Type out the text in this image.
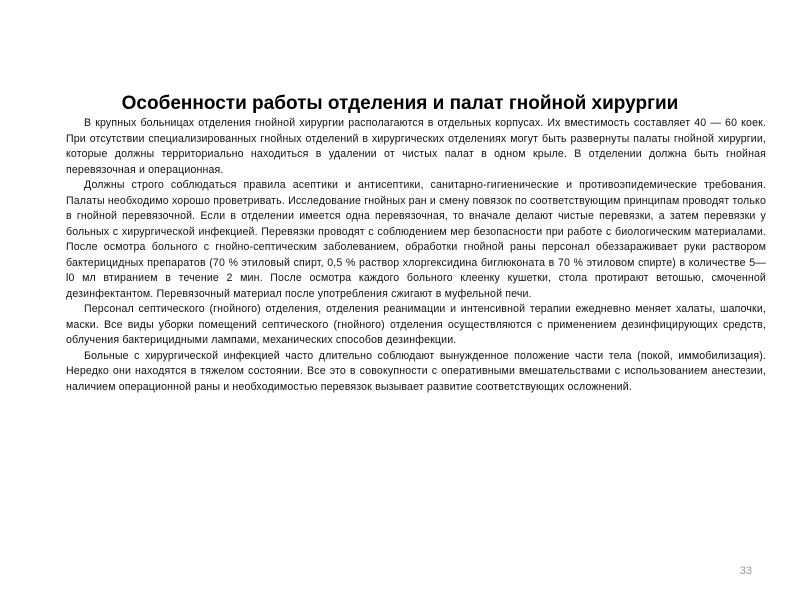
Особенности работы отделения и палат гнойной хирургии

В крупных больницах отделения гнойной хирургии располагаются в отдельных корпусах. Их вместимость составляет 40 — 60 коек. При отсутствии специализированных гнойных отделений в хирургических отделениях могут быть развернуты палаты гнойной хирургии, которые должны территориально находиться в удалении от чистых палат в одном крыле. В отделении должна быть гнойная перевязочная и операционная.

Должны строго соблюдаться правила асептики и антисептики, санитарно-гигиенические и противоэпидемические требования. Палаты необходимо хорошо проветривать. Исследование гнойных ран и смену повязок по соответствующим принципам проводят только в гнойной перевязочной. Если в отделении имеется одна перевязочная, то вначале делают чистые перевязки, а затем перевязки у больных с хирургической инфекцией. Перевязки проводят с соблюдением мер безопасности при работе с биологическим материалами. После осмотра больного с гнойно-септическим заболеванием, обработки гнойной раны персонал обеззараживает руки раствором бактерицидных препаратов (70 % этиловый спирт, 0,5 % раствор хлоргексидина биглюконата в 70 % этиловом спирте) в количестве 5—l0 мл втиранием в течение 2 мин. После осмотра каждого больного клеенку кушетки, стола протирают ветошью, смоченной дезинфектантом. Перевязочный материал после употребления сжигают в муфельной печи.

Персонал септического (гнойного) отделения, отделения реанимации и интенсивной терапии ежедневно меняет халаты, шапочки, маски. Все виды уборки помещений септического (гнойного) отделения осуществляются с применением дезинфицирующих средств, облучения бактерицидными лампами, механических способов дезинфекции.

Больные с хирургической инфекцией часто длительно соблюдают вынужденное положение части тела (покой, иммобилизация). Нередко они находятся в тяжелом состоянии. Все это в совокупности с оперативными вмешательствами с использованием анестезии, наличием операционной раны и необходимостью перевязок вызывает развитие соответствующих осложнений.

33
